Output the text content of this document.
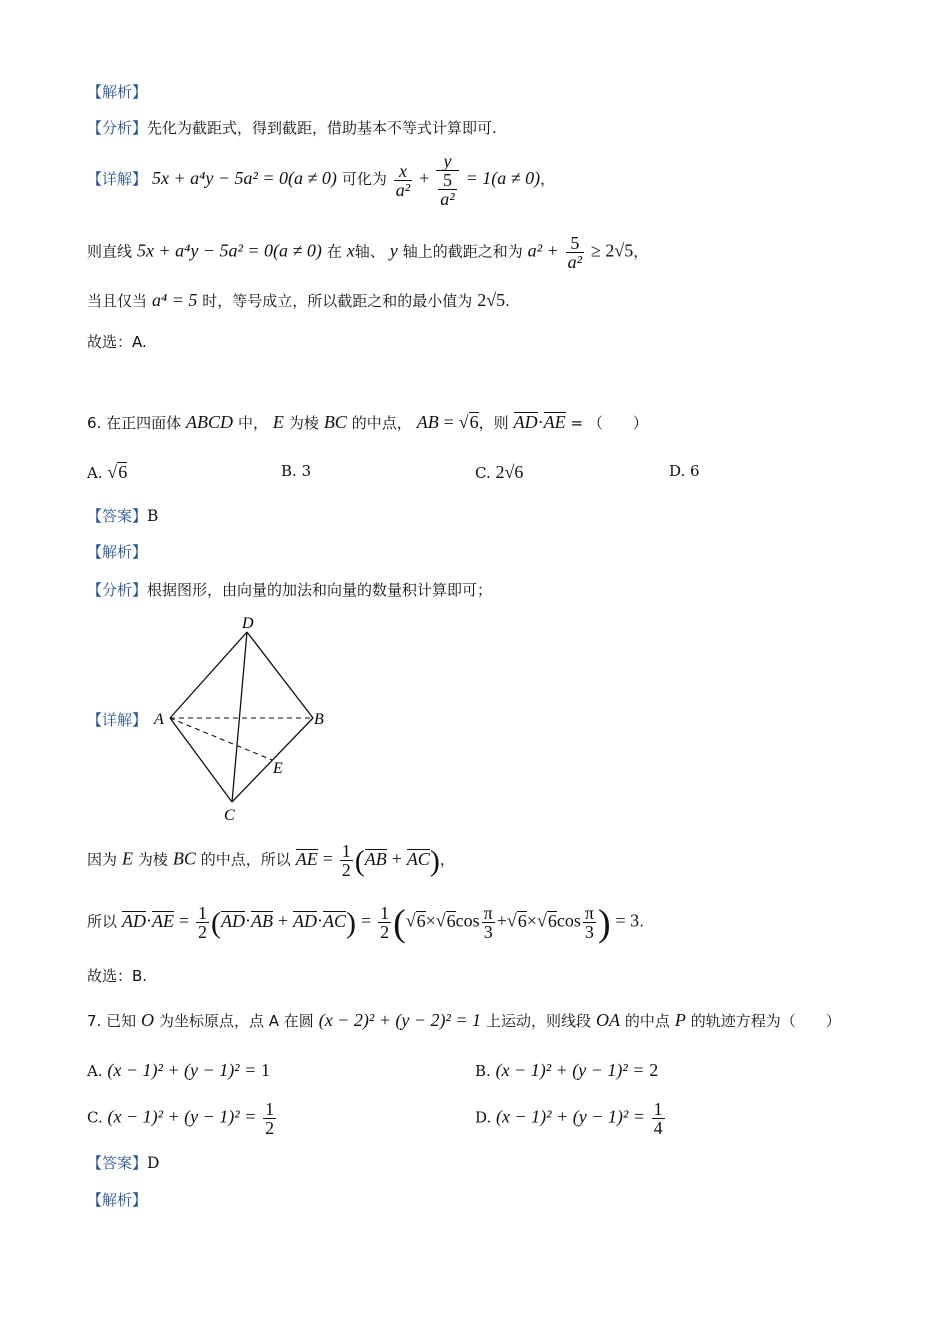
【解析】
【分析】先化为截距式，得到截距，借助基本不等式计算即可.
【详解】 5x + a⁴y − 5a² = 0(a ≠ 0) 可化为 $\frac{x}{\text{a²}} + y$
5
a² = 1(a ≠ 0)，
则直线 5x + a⁴y − 5a² = 0(a ≠ 0) 在 x轴、 y 轴上的截距之和为 $a^2 + \frac{5}{\text{a²}} \ge 2√5$，
当且仅当 a⁴ = 5 时，等号成立，所以截距之和的最小值为 2√5.
故选：A.
6. 在正四面体 ABCD 中， E 为棱 BC 的中点， AB = √6，则 AD·AE = （　　）
A. √6	B. 3	C. 2√6	D. 6
【答案】B
【解析】
【分析】根据图形，由向量的加法和向量的数量积计算即可；
【详解】
D
A	B
E
C
因为 E 为棱 BC 的中点，所以 AE = $\frac{1}{2} (AB + AC)$，
所以 $AD\cdot AE = \frac{1}{2} (AD\cdot AB + AD\cdot AC) = \frac{1}{2} (√6\times√6\cos \frac{\pi}{3} +√6\times√6\cos \frac{\pi}{3}$ ) = 3.
故选：B.
7. 已知 O 为坐标原点，点 A 在圆 (x − 2)² + (y − 2)² = 1 上运动，则线段 OA 的中点 P 的轨迹方程为（　　）
A. (x − 1)² + (y − 1)² = 1	B. (x − 1)² + (y − 1)² = 2
C. $(x - 1)^2 + (y - 1)^2 = \frac{1}{2}$	D. $(x - 1)^2 + (y - 1)^2 = \frac{1}{4}$
【答案】D
【解析】
